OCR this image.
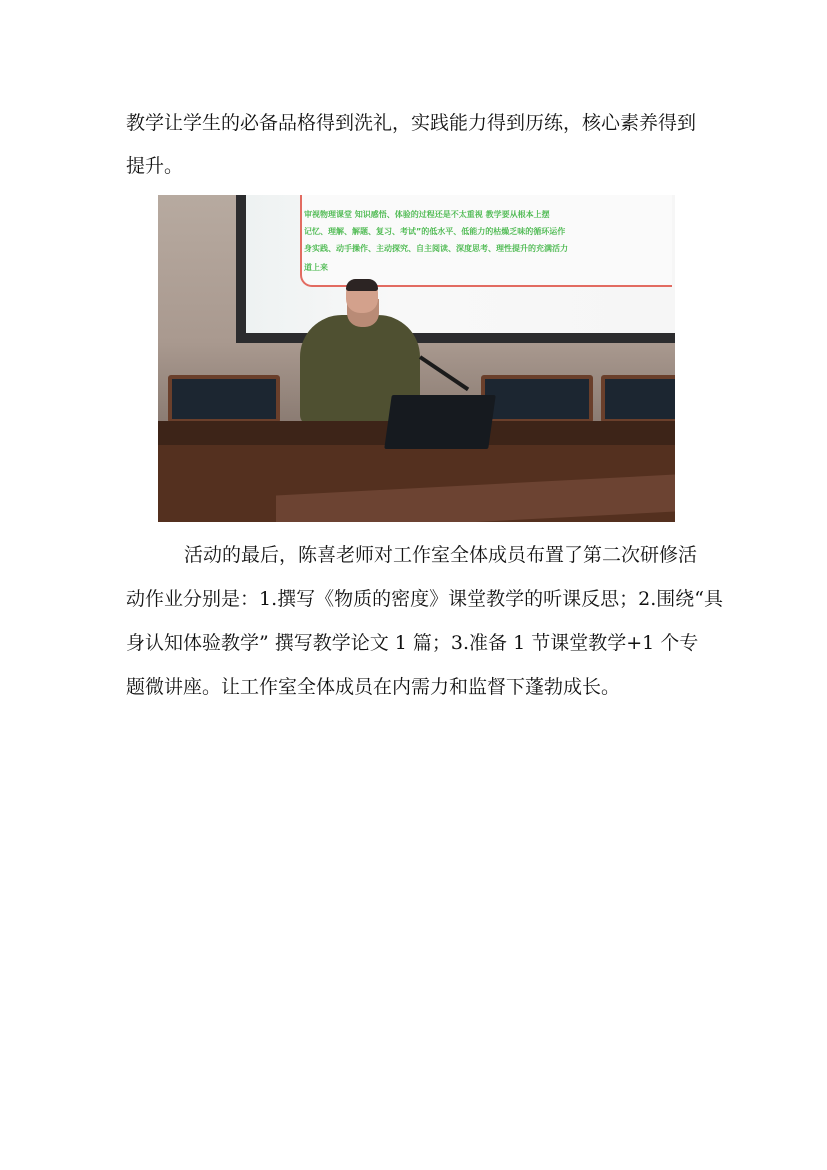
教学让学生的必备品格得到洗礼，实践能力得到历练，核心素养得到
提升。
审视物理课堂 知识感悟、体验的过程还是不太重视 教学要从根本上摆
记忆、理解、解题、复习、考试”的低水平、低能力的枯燥乏味的循环运作
身实践、动手操作、主动探究、自主阅读、深度思考、理性提升的充满活力
道上来
活动的最后，陈喜老师对工作室全体成员布置了第二次研修活
动作业分别是：1.撰写《物质的密度》课堂教学的听课反思；2.围绕“具
身认知体验教学” 撰写教学论文 1 篇；3.准备 1 节课堂教学+1 个专
题微讲座。让工作室全体成员在内需力和监督下蓬勃成长。
